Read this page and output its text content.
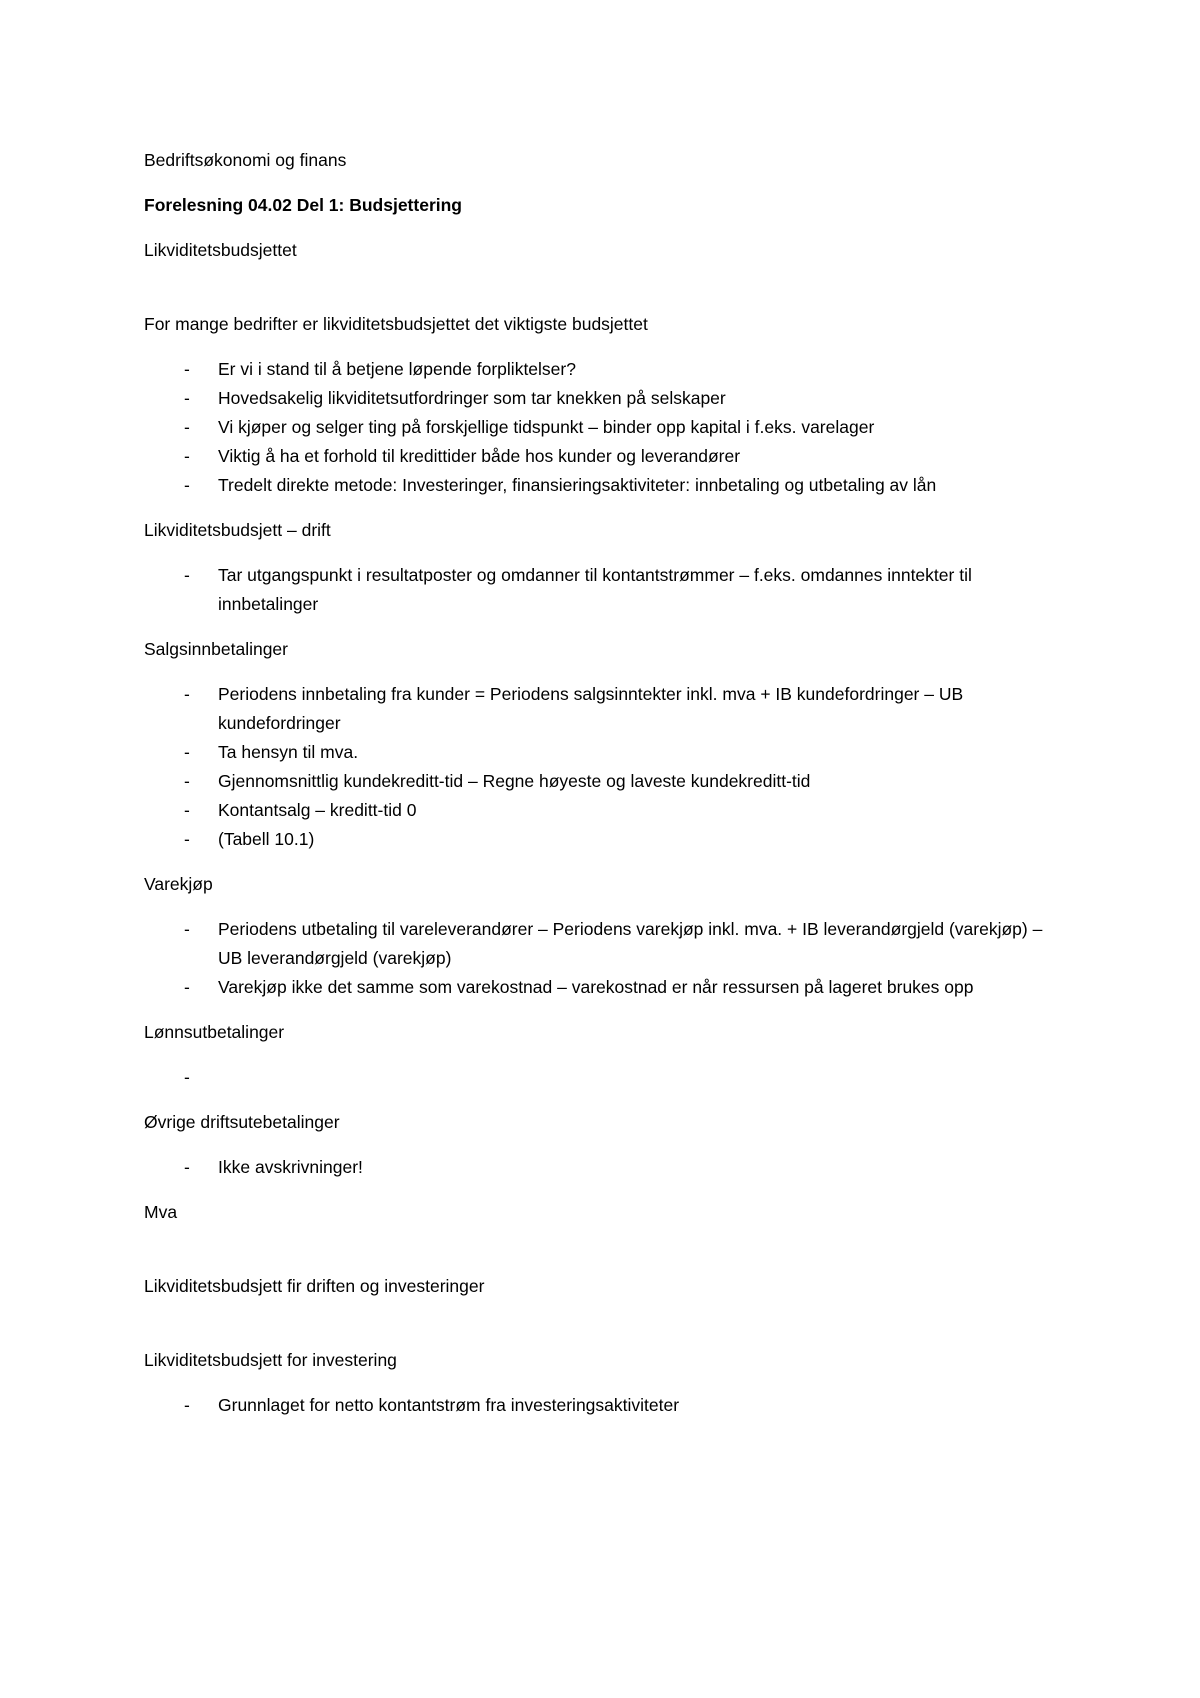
Bedriftsøkonomi og finans

Forelesning 04.02 Del 1: Budsjettering

Likviditetsbudsjettet

For mange bedrifter er likviditetsbudsjettet det viktigste budsjettet

- Er vi i stand til å betjene løpende forpliktelser?
- Hovedsakelig likviditetsutfordringer som tar knekken på selskaper
- Vi kjøper og selger ting på forskjellige tidspunkt – binder opp kapital i f.eks. varelager
- Viktig å ha et forhold til kredittider både hos kunder og leverandører
- Tredelt direkte metode: Investeringer, finansieringsaktiviteter: innbetaling og utbetaling av lån

Likviditetsbudsjett – drift

- Tar utgangspunkt i resultatposter og omdanner til kontantstrømmer – f.eks. omdannes inntekter til innbetalinger

Salgsinnbetalinger

- Periodens innbetaling fra kunder = Periodens salgsinntekter inkl. mva + IB kundefordringer – UB kundefordringer
- Ta hensyn til mva.
- Gjennomsnittlig kundekreditt-tid – Regne høyeste og laveste kundekreditt-tid
- Kontantsalg – kreditt-tid 0
- (Tabell 10.1)

Varekjøp

- Periodens utbetaling til vareleverandører – Periodens varekjøp inkl. mva. + IB leverandørgjeld (varekjøp) – UB leverandørgjeld (varekjøp)
- Varekjøp ikke det samme som varekostnad – varekostnad er når ressursen på lageret brukes opp

Lønnsutbetalinger

-

Øvrige driftsutebetalinger

- Ikke avskrivninger!

Mva

Likviditetsbudsjett fir driften og investeringer

Likviditetsbudsjett for investering

- Grunnlaget for netto kontantstrøm fra investeringsaktiviteter
